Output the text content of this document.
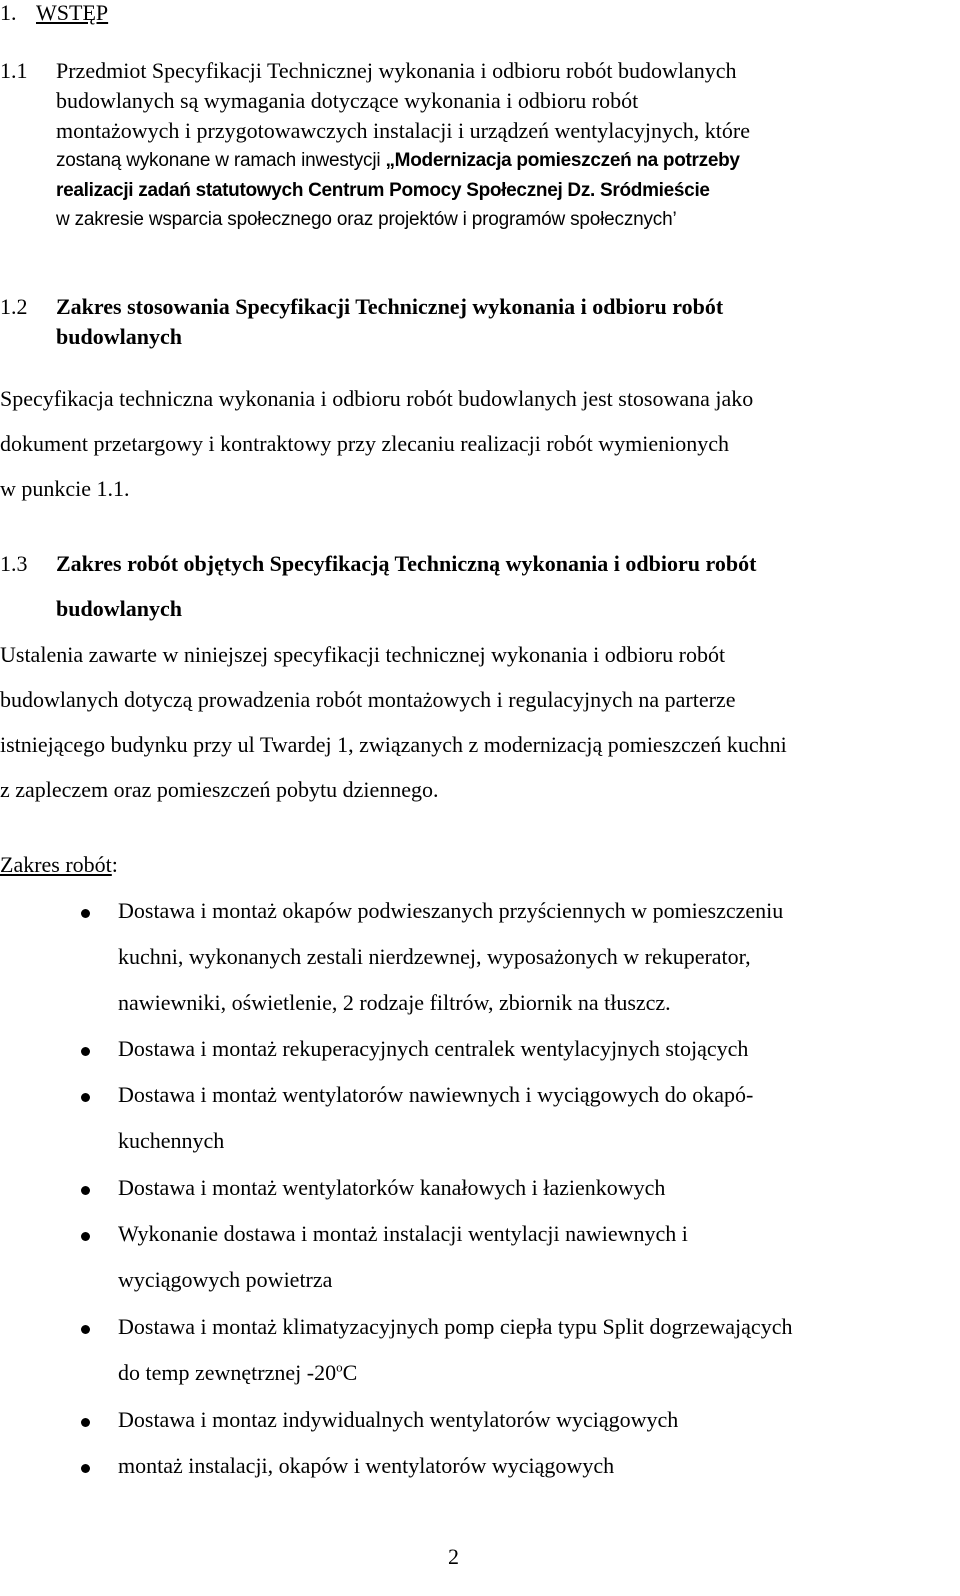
1. WSTĘP
1.1 Przedmiot Specyfikacji Technicznej wykonania i odbioru robót budowlanych
budowlanych są wymagania dotyczące wykonania i odbioru robót
montażowych i przygotowawczych instalacji i urządzeń wentylacyjnych, które
zostaną wykonane w ramach inwestycji „Modernizacja pomieszczeń na potrzeby
realizacji zadań statutowych Centrum Pomocy Społecznej Dz. Sródmieście
w zakresie wsparcia społecznego oraz projektów i programów społecznych’
1.2 Zakres stosowania Specyfikacji Technicznej wykonania i odbioru robót
budowlanych
Specyfikacja techniczna wykonania i odbioru robót budowlanych jest stosowana jako
dokument przetargowy i kontraktowy przy zlecaniu realizacji robót wymienionych
w punkcie 1.1.
1.3 Zakres robót objętych Specyfikacją Techniczną wykonania i odbioru robót
budowlanych
Ustalenia zawarte w niniejszej specyfikacji technicznej wykonania i odbioru robót
budowlanych dotyczą prowadzenia robót montażowych i regulacyjnych na parterze
istniejącego budynku przy ul Twardej 1, związanych z modernizacją pomieszczeń kuchni
z zapleczem oraz pomieszczeń pobytu dziennego.
Zakres robót:
Dostawa i montaż okapów podwieszanych przyściennych w pomieszczeniu
kuchni, wykonanych zestali nierdzewnej, wyposażonych w rekuperator,
nawiewniki, oświetlenie, 2 rodzaje filtrów, zbiornik na tłuszcz.
Dostawa i montaż rekuperacyjnych centralek wentylacyjnych stojących
Dostawa i montaż wentylatorów nawiewnych i wyciągowych do okapó-
kuchennych
Dostawa i montaż wentylatorków kanałowych i łazienkowych
Wykonanie dostawa i montaż instalacji wentylacji nawiewnych i
wyciągowych powietrza
Dostawa i montaż klimatyzacyjnych pomp ciepła typu Split dogrzewających
do temp zewnętrznej -20$^o$C
Dostawa i montaz indywidualnych wentylatorów wyciągowych
montaż instalacji, okapów i wentylatorów wyciągowych
2
